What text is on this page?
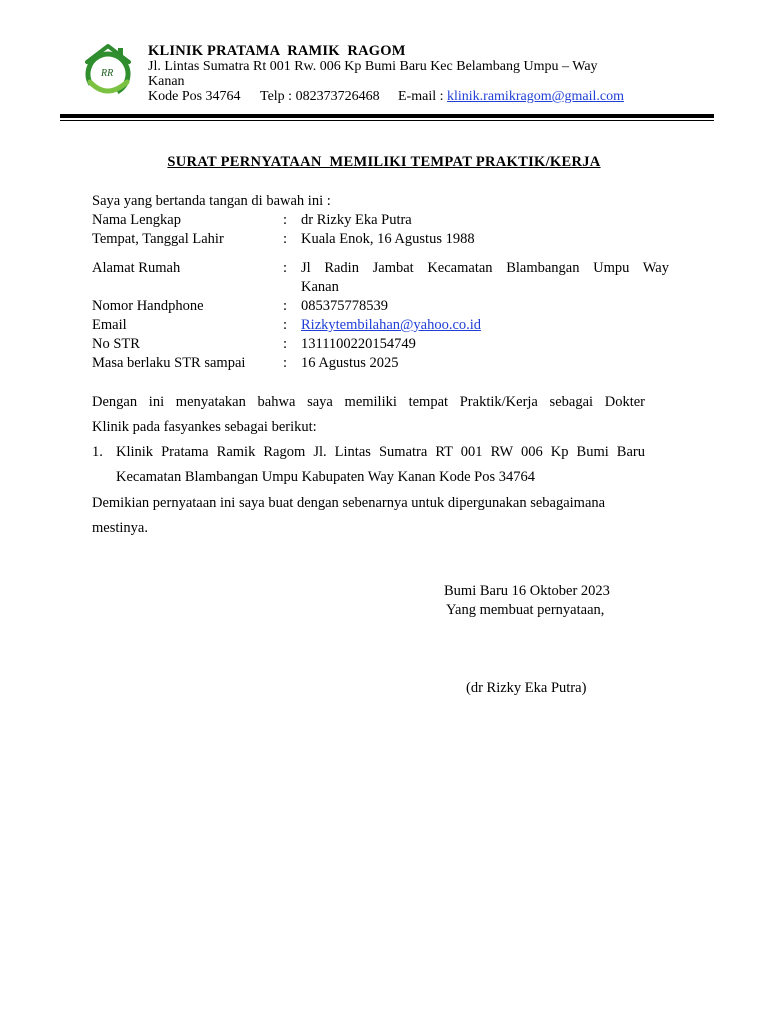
RR
KLINIK PRATAMA  RAMIK  RAGOM
Jl. Lintas Sumatra Rt 001 Rw. 006 Kp Bumi Baru Kec Belambang Umpu – Way
Kanan
Kode Pos 34764 Telp : 082373726468 E-mail : klinik.ramikragom@gmail.com
SURAT PERNYATAAN  MEMILIKI TEMPAT PRAKTIK/KERJA
Saya yang bertanda tangan di bawah ini :
Nama Lengkap	: dr Rizky Eka Putra
Tempat, Tanggal Lahir	: Kuala Enok, 16 Agustus 1988
Alamat Rumah	: Jl Radin Jambat Kecamatan Blambangan Umpu Way
Kanan
Nomor Handphone	: 085375778539
Email	: Rizkytembilahan@yahoo.co.id
No STR	: 1311100220154749
Masa berlaku STR sampai	: 16 Agustus 2025
Dengan ini menyatakan bahwa saya memiliki tempat Praktik/Kerja sebagai Dokter
Klinik pada fasyankes sebagai berikut:
1. Klinik Pratama Ramik Ragom Jl. Lintas Sumatra RT 001 RW 006 Kp Bumi Baru
Kecamatan Blambangan Umpu Kabupaten Way Kanan Kode Pos 34764
Demikian pernyataan ini saya buat dengan sebenarnya untuk dipergunakan sebagaimana
mestinya.
Bumi Baru 16 Oktober 2023
Yang membuat pernyataan,
(dr Rizky Eka Putra)
